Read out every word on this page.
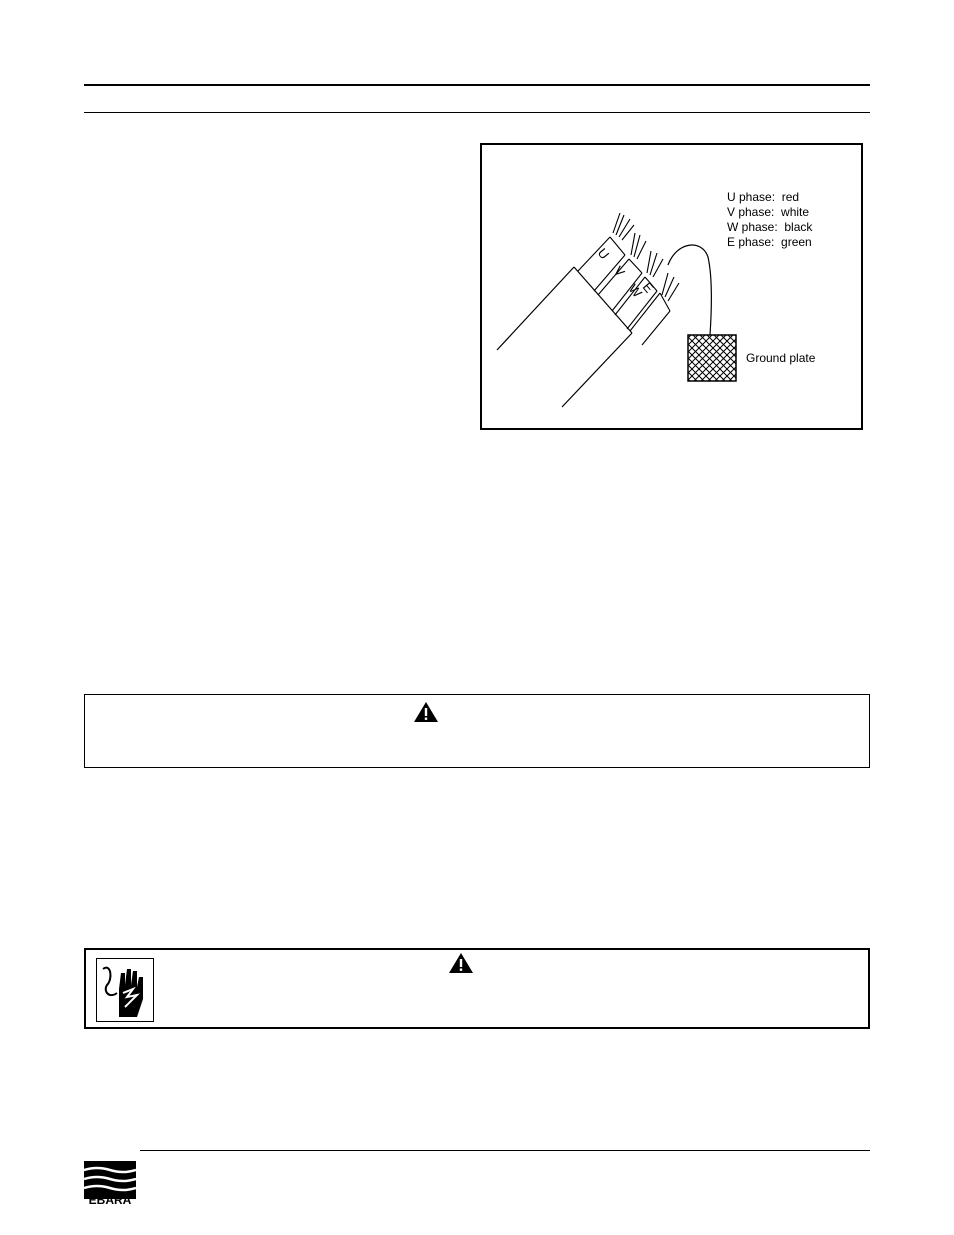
U
V
W
E
U phase:  red
V phase:  white
W phase:  black
E phase:  green
Ground plate
EBARA
